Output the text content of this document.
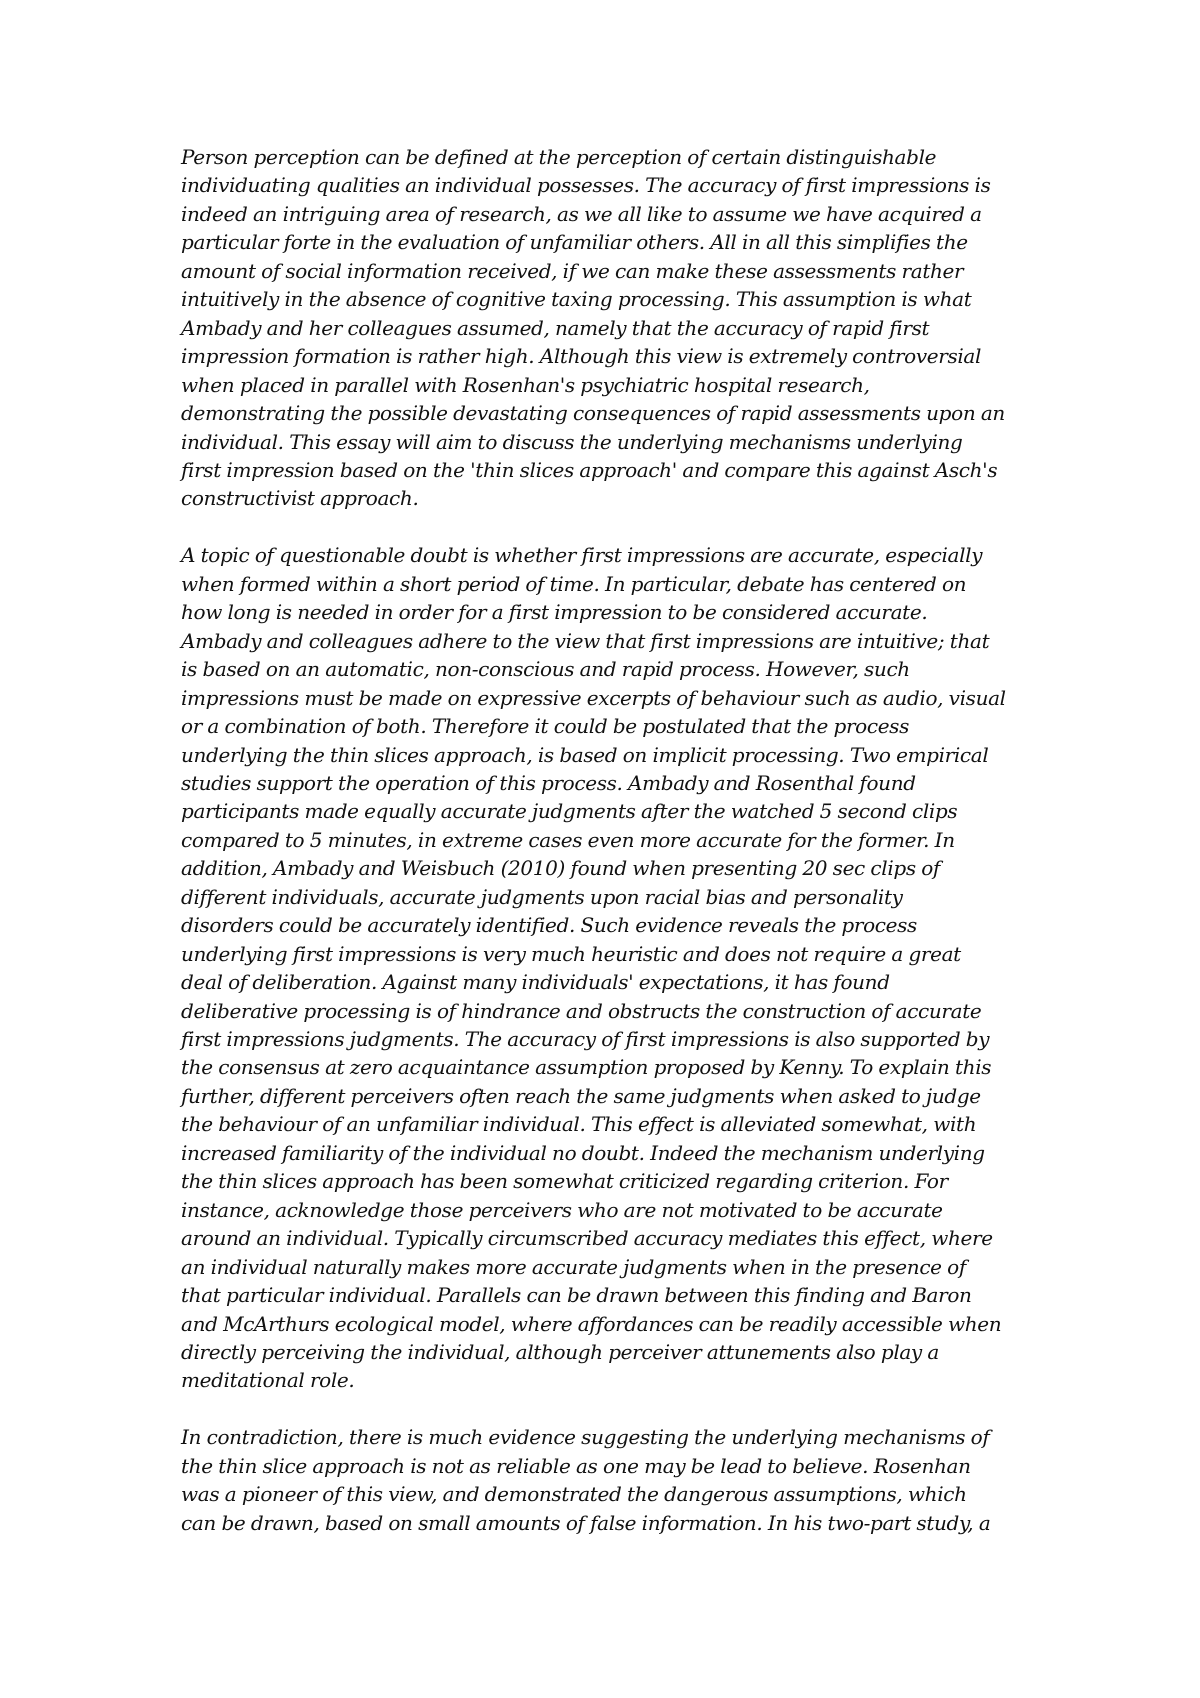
Person perception can be defined at the perception of certain distinguishable
individuating qualities an individual possesses. The accuracy of first impressions is
indeed an intriguing area of research, as we all like to assume we have acquired a
particular forte in the evaluation of unfamiliar others. All in all this simplifies the
amount of social information received, if we can make these assessments rather
intuitively in the absence of cognitive taxing processing. This assumption is what
Ambady and her colleagues assumed, namely that the accuracy of rapid first
impression formation is rather high. Although this view is extremely controversial
when placed in parallel with Rosenhan's psychiatric hospital research,
demonstrating the possible devastating consequences of rapid assessments upon an
individual. This essay will aim to discuss the underlying mechanisms underlying
first impression based on the 'thin slices approach' and compare this against Asch's
constructivist approach.

A topic of questionable doubt is whether first impressions are accurate, especially
when formed within a short period of time. In particular, debate has centered on
how long is needed in order for a first impression to be considered accurate.
Ambady and colleagues adhere to the view that first impressions are intuitive; that
is based on an automatic, non-conscious and rapid process. However, such
impressions must be made on expressive excerpts of behaviour such as audio, visual
or a combination of both. Therefore it could be postulated that the process
underlying the thin slices approach, is based on implicit processing. Two empirical
studies support the operation of this process. Ambady and Rosenthal found
participants made equally accurate judgments after the watched 5 second clips
compared to 5 minutes, in extreme cases even more accurate for the former. In
addition, Ambady and Weisbuch (2010) found when presenting 20 sec clips of
different individuals, accurate judgments upon racial bias and personality
disorders could be accurately identified. Such evidence reveals the process
underlying first impressions is very much heuristic and does not require a great
deal of deliberation. Against many individuals' expectations, it has found
deliberative processing is of hindrance and obstructs the construction of accurate
first impressions judgments. The accuracy of first impressions is also supported by
the consensus at zero acquaintance assumption proposed by Kenny. To explain this
further, different perceivers often reach the same judgments when asked to judge
the behaviour of an unfamiliar individual. This effect is alleviated somewhat, with
increased familiarity of the individual no doubt. Indeed the mechanism underlying
the thin slices approach has been somewhat criticized regarding criterion. For
instance, acknowledge those perceivers who are not motivated to be accurate
around an individual. Typically circumscribed accuracy mediates this effect, where
an individual naturally makes more accurate judgments when in the presence of
that particular individual. Parallels can be drawn between this finding and Baron
and McArthurs ecological model, where affordances can be readily accessible when
directly perceiving the individual, although perceiver attunements also play a
meditational role.

In contradiction, there is much evidence suggesting the underlying mechanisms of
the thin slice approach is not as reliable as one may be lead to believe. Rosenhan
was a pioneer of this view, and demonstrated the dangerous assumptions, which
can be drawn, based on small amounts of false information. In his two-part study, a
